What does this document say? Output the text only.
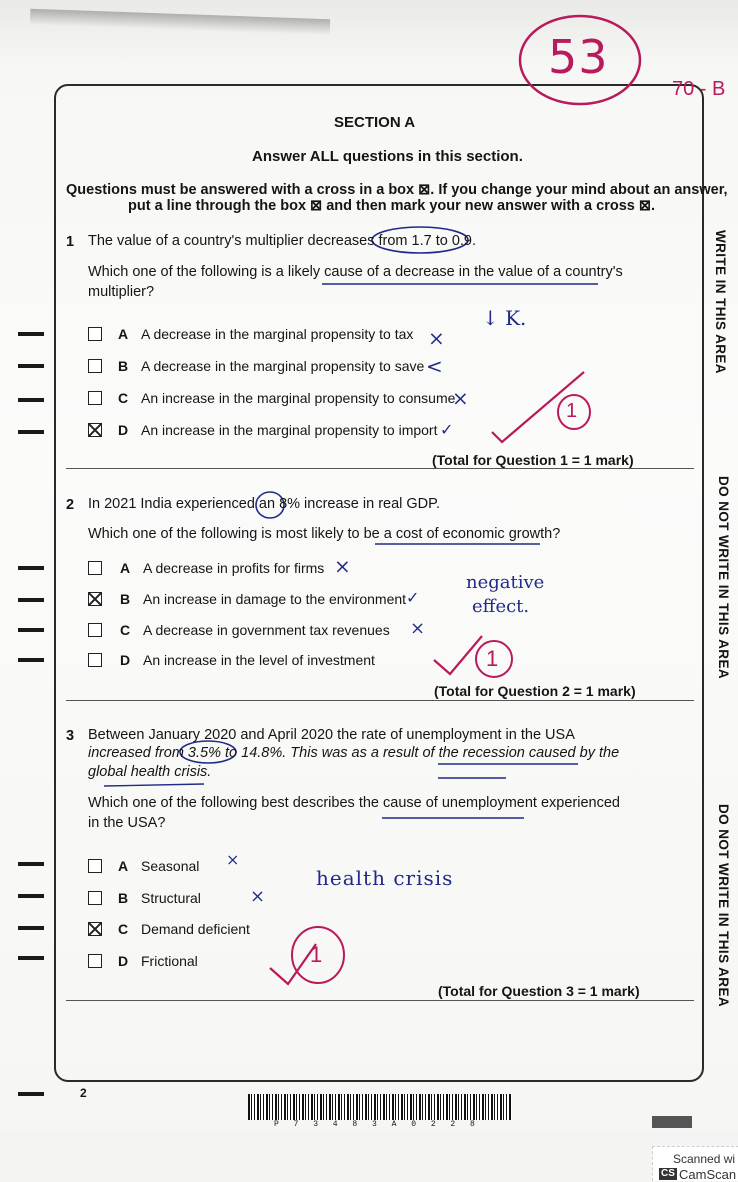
53
70 - B
SECTION A
Answer ALL questions in this section.
Questions must be answered with a cross in a box ⊠. If you change your mind about an answer,
put a line through the box ⊠ and then mark your new answer with a cross ⊠.
1 The value of a country's multiplier decreases from 1.7 to 0.9.
Which one of the following is a likely cause of a decrease in the value of a country's
multiplier?
↓ K.
A A decrease in the marginal propensity to tax ×
B A decrease in the marginal propensity to save <
C An increase in the marginal propensity to consume
×
D An increase in the marginal propensity to import ✓
1
(Total for Question 1 = 1 mark)
2 In 2021 India experienced an 8% increase in real GDP.
Which one of the following is most likely to be a cost of economic growth?
negative
effect.
A A decrease in profits for firms ×
B An increase in damage to the environment ✓
C A decrease in government tax revenues ×
D An increase in the level of investment	1
(Total for Question 2 = 1 mark)
3 Between January 2020 and April 2020 the rate of unemployment in the USA
increased from 3.5% to 14.8%. This was as a result of the recession caused by the
global health crisis.
Which one of the following best describes the cause of unemployment experienced
in the USA?
health crisis
A Seasonal ×
B Structural	×
C Demand deficient
D Frictional	1
(Total for Question 3 = 1 mark)
WRITE IN THIS AREA
DO NOT WRITE IN THIS AREA
DO NOT WRITE IN THIS AREA
2
P 7 3 4 8 3 A 0 2 2 8
Scanned wi
CS CamScan
